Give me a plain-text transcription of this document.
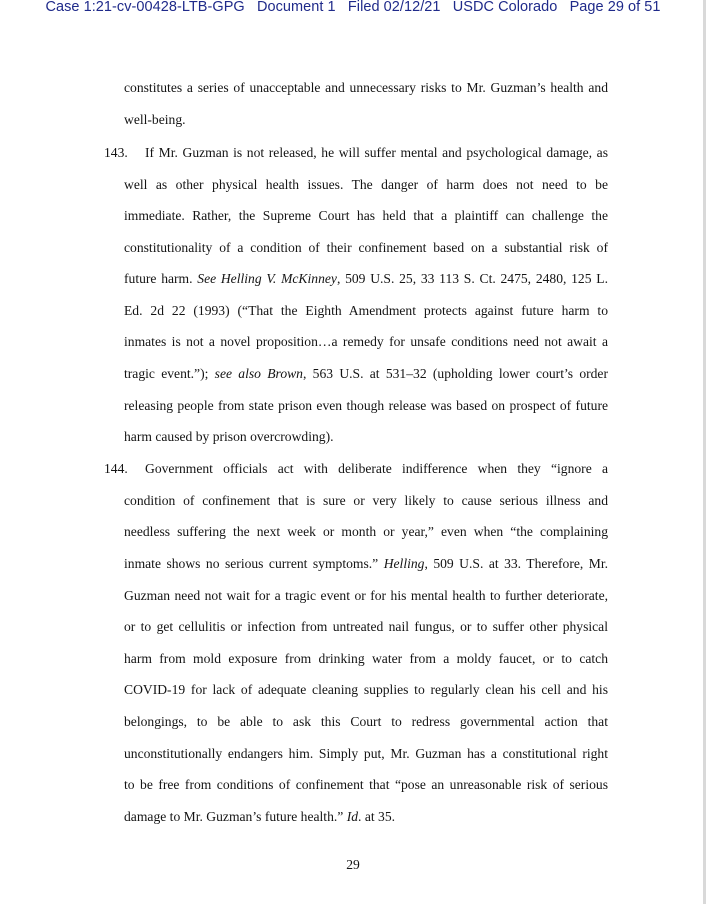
Case 1:21-cv-00428-LTB-GPG   Document 1   Filed 02/12/21   USDC Colorado   Page 29 of 51
constitutes a series of unacceptable and unnecessary risks to Mr. Guzman’s health and
well-being.
143. If Mr. Guzman is not released, he will suffer mental and psychological damage, as
well as other physical health issues. The danger of harm does not need to be
immediate. Rather, the Supreme Court has held that a plaintiff can challenge the
constitutionality of a condition of their confinement based on a substantial risk of
future harm. See Helling V. McKinney, 509 U.S. 25, 33 113 S. Ct. 2475, 2480, 125 L.
Ed. 2d 22 (1993) (“That the Eighth Amendment protects against future harm to
inmates is not a novel proposition…a remedy for unsafe conditions need not await a
tragic event.”); see also Brown, 563 U.S. at 531–32 (upholding lower court’s order
releasing people from state prison even though release was based on prospect of future
harm caused by prison overcrowding).
144. Government officials act with deliberate indifference when they “ignore a
condition of confinement that is sure or very likely to cause serious illness and
needless suffering the next week or month or year,” even when “the complaining
inmate shows no serious current symptoms.” Helling, 509 U.S. at 33. Therefore, Mr.
Guzman need not wait for a tragic event or for his mental health to further deteriorate,
or to get cellulitis or infection from untreated nail fungus, or to suffer other physical
harm from mold exposure from drinking water from a moldy faucet, or to catch
COVID-19 for lack of adequate cleaning supplies to regularly clean his cell and his
belongings, to be able to ask this Court to redress governmental action that
unconstitutionally endangers him. Simply put, Mr. Guzman has a constitutional right
to be free from conditions of confinement that “pose an unreasonable risk of serious
damage to Mr. Guzman’s future health.” Id. at 35.
29
